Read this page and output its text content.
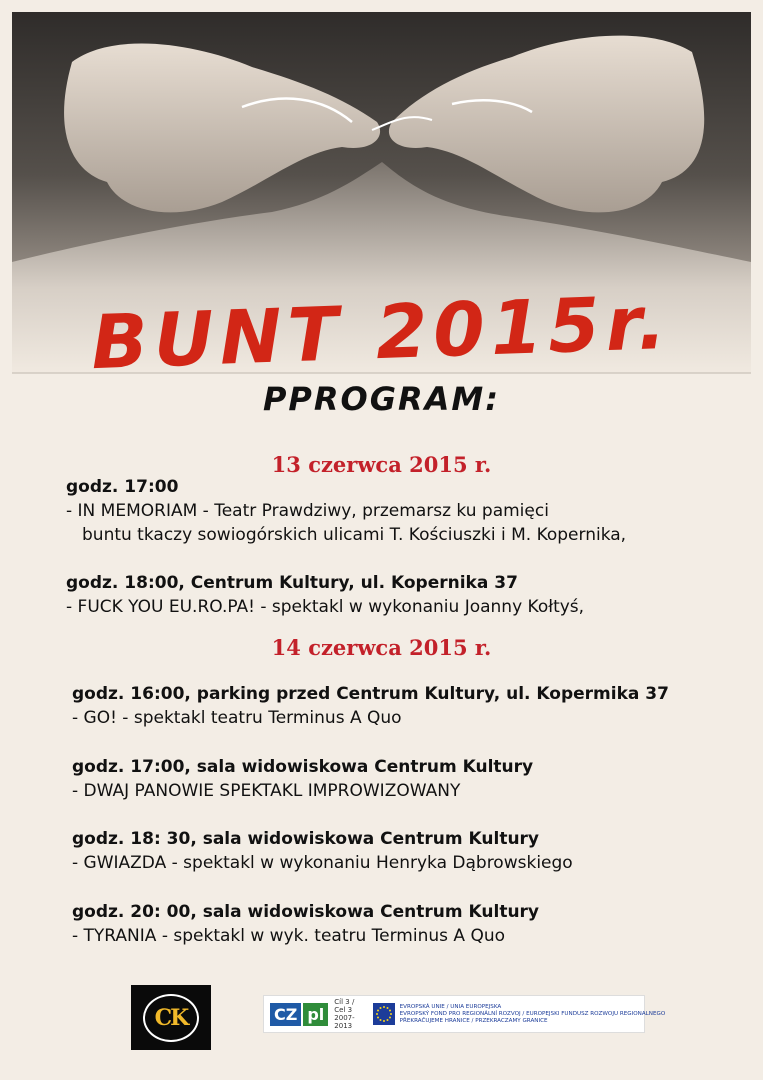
BUNT 2015r.
PPROGRAM:
13 czerwca 2015 r.
godz. 17:00
- IN MEMORIAM - Teatr Prawdziwy, przemarsz ku pamięci
buntu tkaczy sowiogórskich ulicami T. Kościuszki i M. Kopernika,
godz. 18:00, Centrum Kultury, ul. Kopernika 37
- FUCK YOU EU.RO.PA! - spektakl w wykonaniu Joanny Kołtyś,
14 czerwca 2015 r.
godz. 16:00, parking przed Centrum Kultury, ul. Kopermika 37
- GO! - spektakl teatru Terminus A Quo
godz. 17:00, sala widowiskowa Centrum Kultury
- DWAJ PANOWIE SPEKTAKL IMPROWIZOWANY
godz. 18: 30, sala widowiskowa Centrum Kultury
- GWIAZDA - spektakl w wykonaniu Henryka Dąbrowskiego
godz. 20: 00, sala widowiskowa Centrum Kultury
- TYRANIA - spektakl w wyk. teatru Terminus A Quo
CK	CZ pl
Cíl 3 / Cel 3
2007-2013
EVROPSKÁ UNIE / UNIA EUROPEJSKA
EVROPSKÝ FOND PRO REGIONÁLNÍ ROZVOJ / EUROPEJSKI FUNDUSZ ROZWOJU REGIONALNEGO
PŘEKRAČUJEME HRANICE / PRZEKRACZAMY GRANICE
